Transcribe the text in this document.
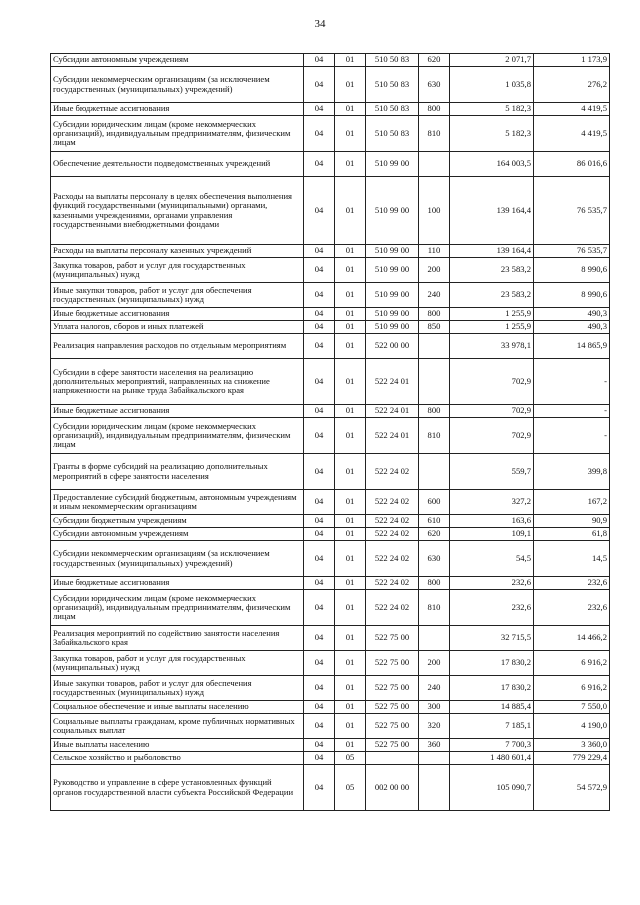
34
Субсидии автономным учреждениям	04	01	510 50 83	620	2 071,7	1 173,9
Субсидии некоммерческим организациям (за исключением государственных (муниципальных) учреждений)	04	01	510 50 83	630	1 035,8	276,2
Иные бюджетные ассигнования	04	01	510 50 83	800	5 182,3	4 419,5
Субсидии юридическим лицам (кроме некоммерческих организаций), индивидуальным предпринимателям, физическим лицам	04	01	510 50 83	810	5 182,3	4 419,5
Обеспечение деятельности подведомственных учреждений	04	01	510 99 00		164 003,5	86 016,6
Расходы на выплаты персоналу в целях обеспечения выполнения функций государственными (муниципальными) органами, казенными учреждениями, органами управления государственными внебюджетными фондами	04	01	510 99 00	100	139 164,4	76 535,7
Расходы на выплаты персоналу казенных учреждений	04	01	510 99 00	110	139 164,4	76 535,7
Закупка товаров, работ и услуг для государственных (муниципальных) нужд	04	01	510 99 00	200	23 583,2	8 990,6
Иные закупки товаров, работ и услуг для обеспечения государственных (муниципальных) нужд	04	01	510 99 00	240	23 583,2	8 990,6
Иные бюджетные ассигнования	04	01	510 99 00	800	1 255,9	490,3
Уплата налогов, сборов и иных платежей	04	01	510 99 00	850	1 255,9	490,3
Реализация направления расходов по отдельным мероприятиям	04	01	522 00 00		33 978,1	14 865,9
Субсидии в сфере занятости населения на реализацию дополнительных мероприятий, направленных на снижение напряженности на рынке труда Забайкальского края	04	01	522 24 01		702,9	-
Иные бюджетные ассигнования	04	01	522 24 01	800	702,9	-
Субсидии юридическим лицам (кроме некоммерческих организаций), индивидуальным предпринимателям, физическим лицам	04	01	522 24 01	810	702,9	-
Гранты в форме субсидий на реализацию дополнительных мероприятий в сфере занятости населения	04	01	522 24 02		559,7	399,8
Предоставление субсидий бюджетным, автономным учреждениям и иным некоммерческим организациям	04	01	522 24 02	600	327,2	167,2
Субсидии бюджетным учреждениям	04	01	522 24 02	610	163,6	90,9
Субсидии автономным учреждениям	04	01	522 24 02	620	109,1	61,8
Субсидии некоммерческим организациям (за исключением государственных (муниципальных) учреждений)	04	01	522 24 02	630	54,5	14,5
Иные бюджетные ассигнования	04	01	522 24 02	800	232,6	232,6
Субсидии юридическим лицам (кроме некоммерческих организаций), индивидуальным предпринимателям, физическим лицам	04	01	522 24 02	810	232,6	232,6
Реализация мероприятий по содействию занятости населения Забайкальского края	04	01	522 75 00		32 715,5	14 466,2
Закупка товаров, работ и услуг для государственных (муниципальных) нужд	04	01	522 75 00	200	17 830,2	6 916,2
Иные закупки товаров, работ и услуг для обеспечения государственных (муниципальных) нужд	04	01	522 75 00	240	17 830,2	6 916,2
Социальное обеспечение и иные выплаты населению	04	01	522 75 00	300	14 885,4	7 550,0
Социальные выплаты гражданам, кроме публичных нормативных социальных выплат	04	01	522 75 00	320	7 185,1	4 190,0
Иные выплаты населению	04	01	522 75 00	360	7 700,3	3 360,0
Сельское хозяйство и рыболовство	04	05			1 480 601,4	779 229,4
Руководство и управление в сфере установленных функций органов государственной власти субъекта Российской Федерации	04	05	002 00 00		105 090,7	54 572,9
